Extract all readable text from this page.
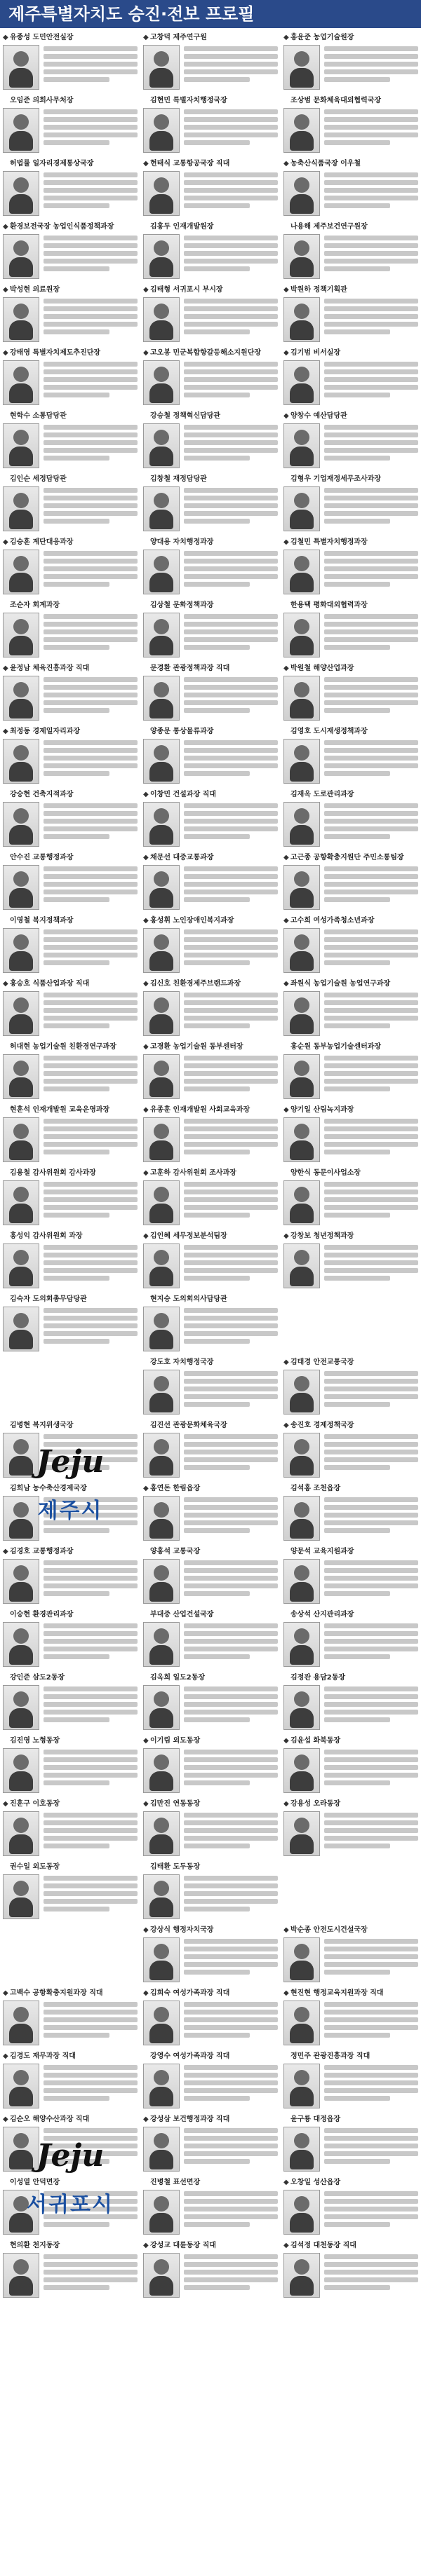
제주특별자치도 승진·전보 프로필
◆ 유종성 도민안전실장	◆ 고창덕 제주연구원	◆ 홍윤준 농업기술원장
오임준 의회사무처장	김현민 특별자치행정국장	조상범 문화체육대외협력국장
허법률 일자리경제통상국장	◆ 현태식 교통항공국장 직대	◆ 농축산식품국장 이우철
◆ 환경보전국장 농업인식품정책과장	김홍두 인재개발원장	나용해 제주보건연구원장
◆ 박성현 의료원장	◆ 김태형 서귀포시 부시장	◆ 박원하 정책기획관
◆ 강태영 특별자치제도추진단장	◆ 고오봉 민군복합항갈등해소지원단장	◆ 김기범 비서실장
현학수 소통담당관	강승철 정책혁신담당관	◆ 양창수 예산담당관
김인순 세정담당관	김창철 재정담당관	김형우 기업재정세무조사과장
◆ 김승훈 계단대응과장	양대용 자치행정과장	◆ 김철민 특별자치행정과장
조순자 회계과장	김상철 문화정책과장	한용택 평화대외협력과장
◆ 윤정남 체육진흥과장 직대	문경환 관광정책과장 직대	◆ 박원철 해양산업과장
◆ 최정동 경제일자리과장	양종문 통상물류과장	김영호 도시재생정책과장
강승현 건축지적과장	◆ 이창민 건설과장 직대	김재옥 도로관리과장
안수진 교통행정과장	◆ 채문선 대중교통과장	◆ 고근종 공항확충지원단 주민소통팀장
이영철 복지정책과장	◆ 홍성휘 노인장애인복지과장	◆ 고수희 여성가족청소년과장
◆ 홍승호 식품산업과장 직대	◆ 김신호 친환경제주브랜드과장	◆ 좌원식 농업기술원 농업연구과장
허대현 농업기술원 친환경연구과장	◆ 고경환 농업기술원 동부센터장	홍순원 동부농업기술센터과장
현훈석 인재개발원 교육운영과장	◆ 유종훈 인재개발원 사회교육과장	◆ 양기일 산림녹지과장
김용철 감사위원회 감사과장	◆ 고훈하 감사위원회 조사과장	양한식 동문이사업소장
홍성익 감사위원회 과장	◆ 김인혜 세무정보분석팀장	◆ 강창보 청년정책과장
김숙자 도의회총무담당관	현지승 도의회의사담당관
강도호 자치행정국장	◆ 김태경 안전교통국장
김병현 복지위생국장	김진선 관광문화체육국장	◆ 송진호 경제정책국장
김희남 농수축산경제국장	◆ 홍연돈 한림읍장	김석홍 조천읍장
◆ 김경호 교통행정과장	양홍석 교통국장	양문석 교육지원과장
이승현 환경관리과장	부대중 산업건설국장	송상석 산지관리과장
강인준 삼도2동장	김옥희 일도2동장	김정관 용담2동장
김진영 노형동장	◆ 이기림 외도동장	◆ 김윤섭 화북동장
◆ 진훈구 이호동장	◆ 김만진 연동동장	◆ 강용성 오라동장
권수일 외도동장	김태환 도두동장
◆ 강상식 행정자치국장	◆ 박순종 안전도시건설국장
◆ 고백수 공항확충지원과장 직대	◆ 김희숙 여성가족과장 직대	◆ 현진현 행정교육지원과장 직대
◆ 김경도 재무과장 직대	강영수 여성가족과장 직대	정민주 관광진흥과장 직대
◆ 김순오 해양수산과장 직대	◆ 강성삼 보건행정과장 직대	윤구룡 대정읍장
이성열 안덕면장	진병철 표선면장	◆ 오창일 성산읍장
현의환 천지동장	◆ 강성교 대륜동장 직대	◆ 김석정 대천동장 직대
Jeju
제주시
Jeju
서귀포시
